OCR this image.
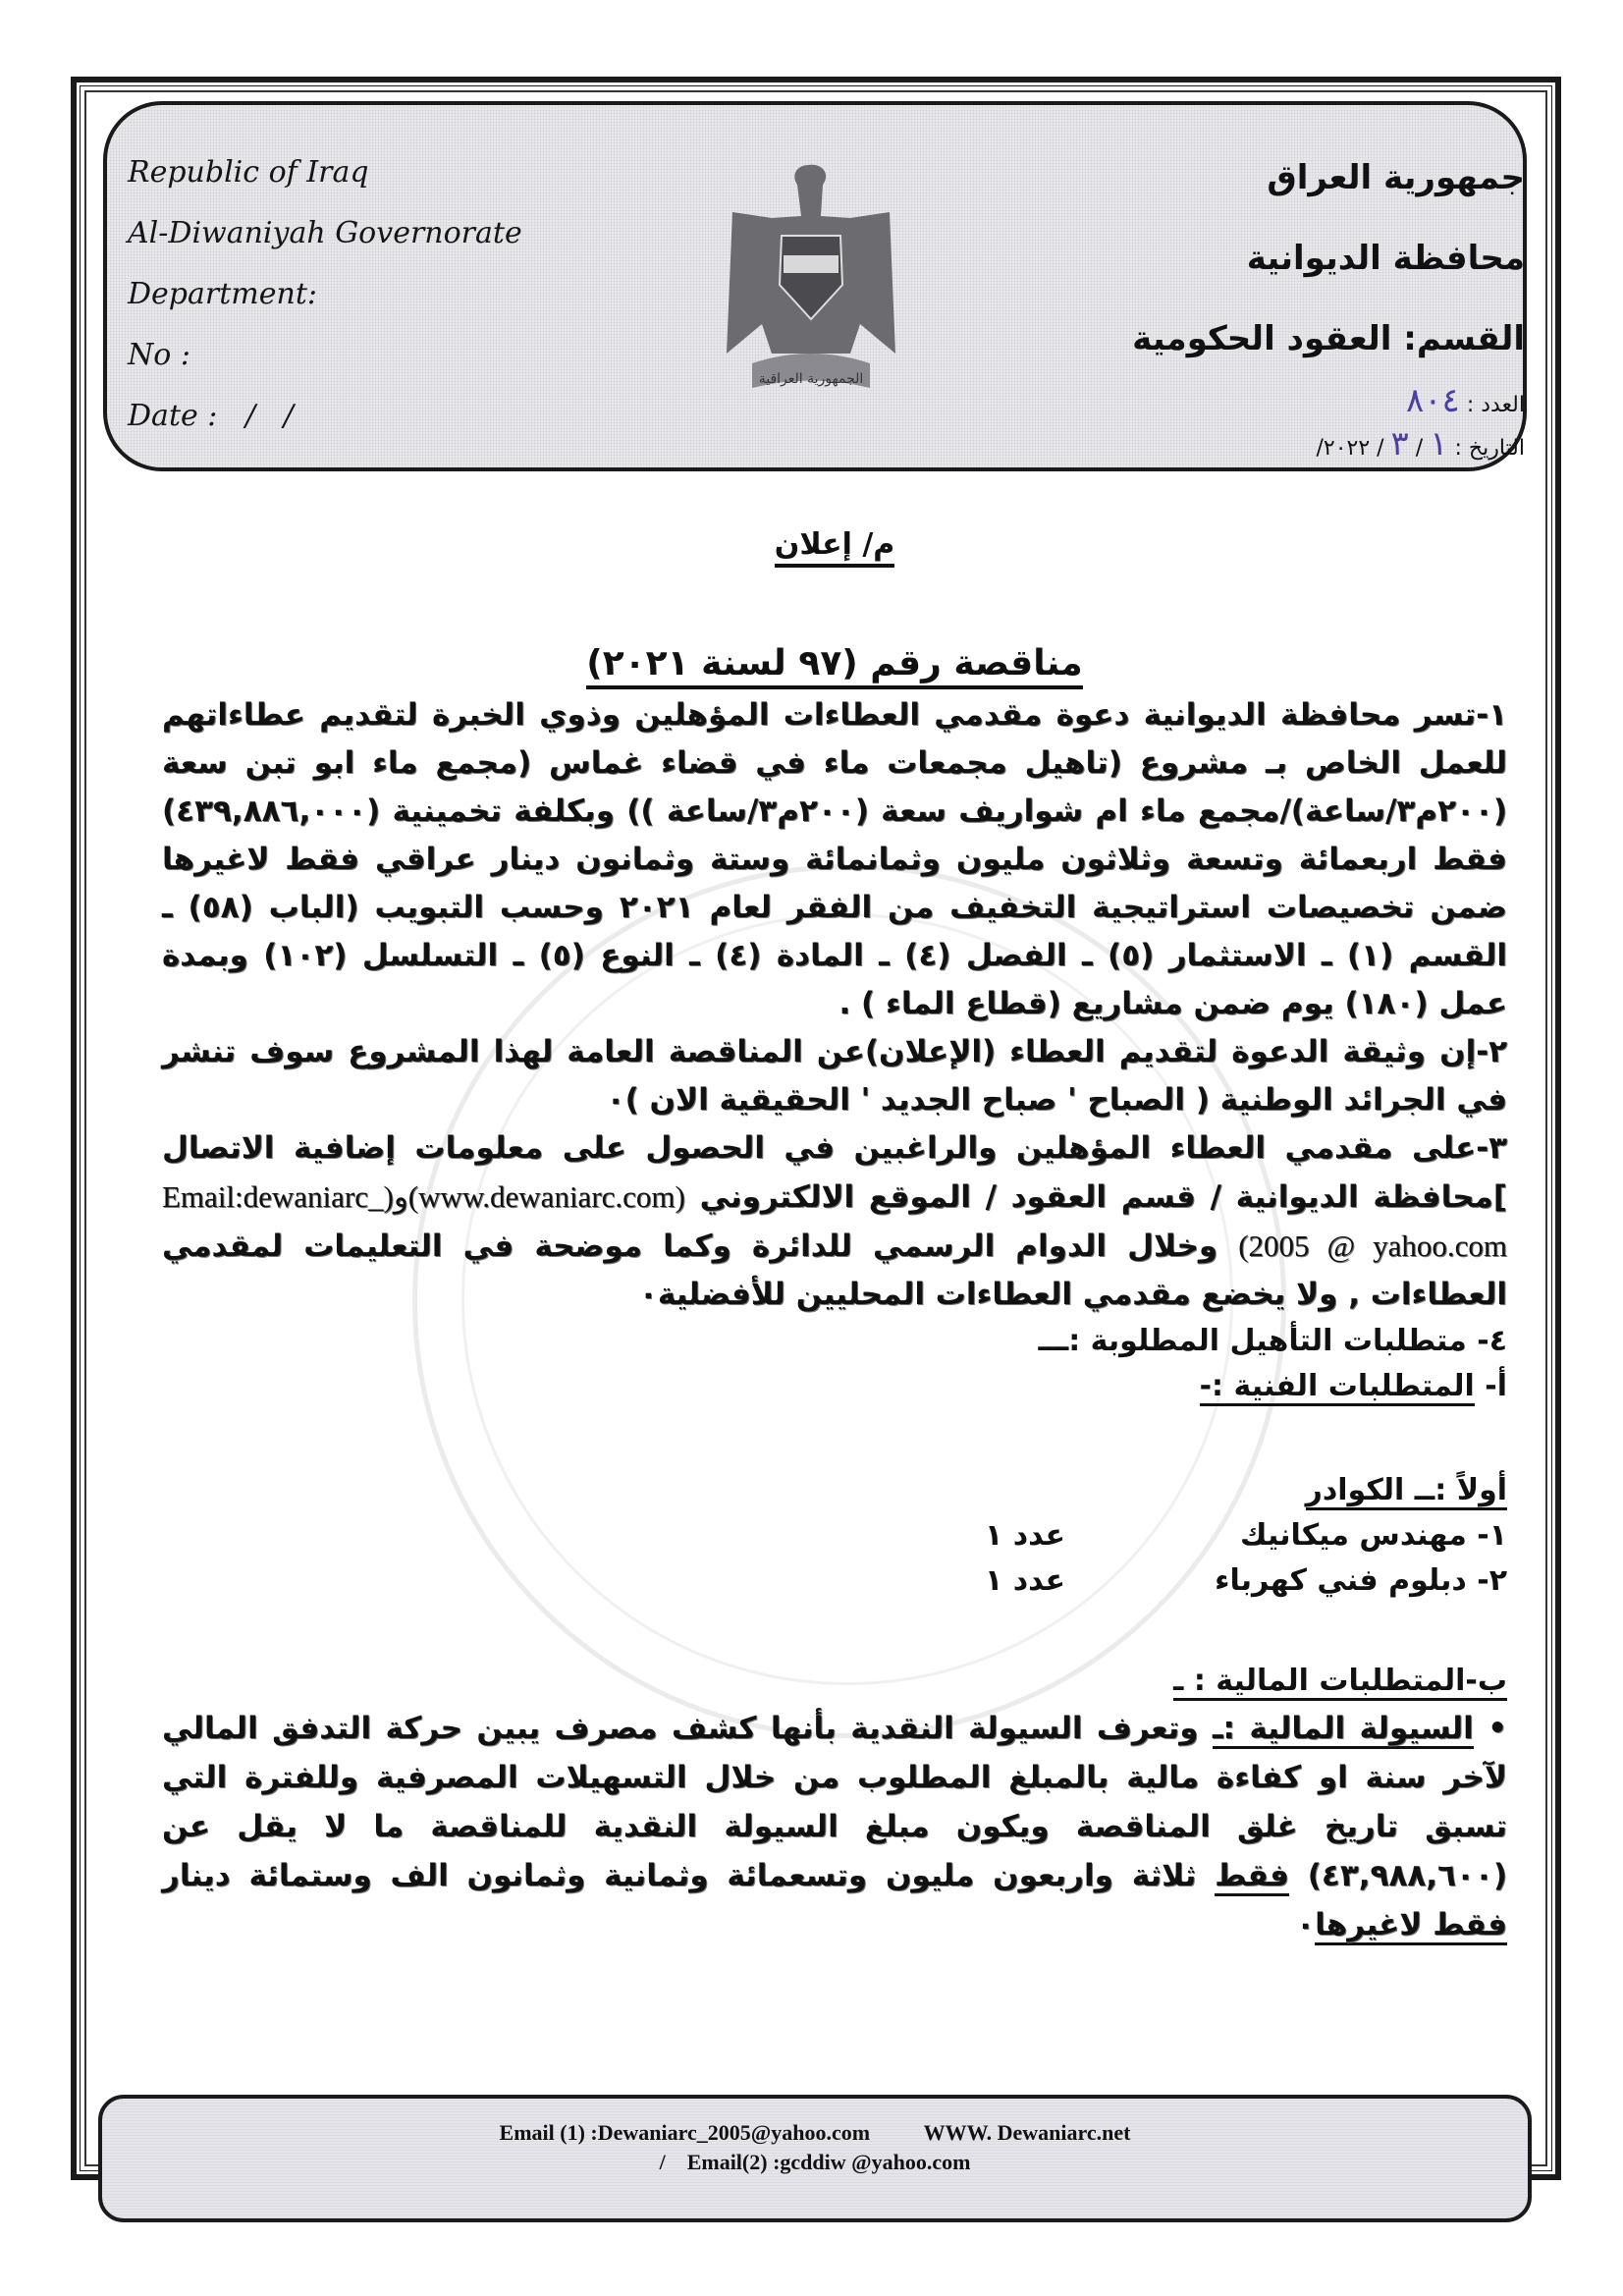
Republic of Iraq
Al-Diwaniyah Governorate
Department:
No :
Date :   /   /
الجمهورية العراقية
جمهورية العراق
محافظة الديوانية
القسم: العقود الحكومية
العدد : ٨٠٤
التاريخ : ١ / ٣ / ٢٠٢٢/
م/ إعلان
مناقصة رقم (٩٧ لسنة ٢٠٢١)

١-تسر محافظة الديوانية دعوة مقدمي العطاءات المؤهلين وذوي الخبرة لتقديم عطاءاتهم للعمل الخاص بـ مشروع (تاهيل مجمعات ماء في قضاء غماس (مجمع ماء ابو تبن سعة (٢٠٠م٣/ساعة)/مجمع ماء ام شواريف سعة (٢٠٠م٣/ساعة )) وبكلفة تخمينية (٤٣٩,٨٨٦,٠٠٠) فقط اربعمائة وتسعة وثلاثون مليون وثمانمائة وستة وثمانون دينار عراقي فقط لاغيرها ضمن تخصيصات استراتيجية التخفيف من الفقر لعام ٢٠٢١ وحسب التبويب (الباب (٥٨) ـ القسم (١) ـ الاستثمار (٥) ـ الفصل (٤) ـ المادة (٤) ـ النوع (٥) ـ التسلسل (١٠٢) وبمدة عمل (١٨٠) يوم ضمن مشاريع (قطاع الماء ) .

٢-إن وثيقة الدعوة لتقديم العطاء (الإعلان)عن المناقصة العامة لهذا المشروع سوف تنشر في الجرائد الوطنية ( الصباح ' صباح الجديد ' الحقيقية الان )۰

٣-على مقدمي العطاء المؤهلين والراغبين في الحصول على معلومات إضافية الاتصال ]محافظة الديوانية / قسم العقود / الموقع الالكتروني (www.dewaniarc.com)و(Email:dewaniarc_ 2005 @ yahoo.com) وخلال الدوام الرسمي للدائرة وكما موضحة في التعليمات لمقدمي العطاءات , ولا يخضع مقدمي العطاءات المحليين للأفضلية۰

٤- متطلبات التأهيل المطلوبة :ـــ
أ- المتطلبات الفنية :-
أولاً :ــ الكوادر
١- مهندس ميكانيك
عدد ١
٢- دبلوم فني كهرباء
عدد ١
ب-المتطلبات المالية : ـ
• السيولة المالية :ـ وتعرف السيولة النقدية بأنها كشف مصرف يبين حركة التدفق المالي لآخر سنة او كفاءة مالية بالمبلغ المطلوب من خلال التسهيلات المصرفية وللفترة التي تسبق تاريخ غلق المناقصة ويكون مبلغ السيولة النقدية للمناقصة ما لا يقل عن (٤٣,٩٨٨,٦٠٠) فقط ثلاثة واربعون مليون وتسعمائة وثمانية وثمانون الف وستمائة دينار فقط لاغيرها۰
Email (1) :Dewaniarc_2005@yahoo.com          WWW. Dewaniarc.net
/    Email(2) :gcddiw @yahoo.com
